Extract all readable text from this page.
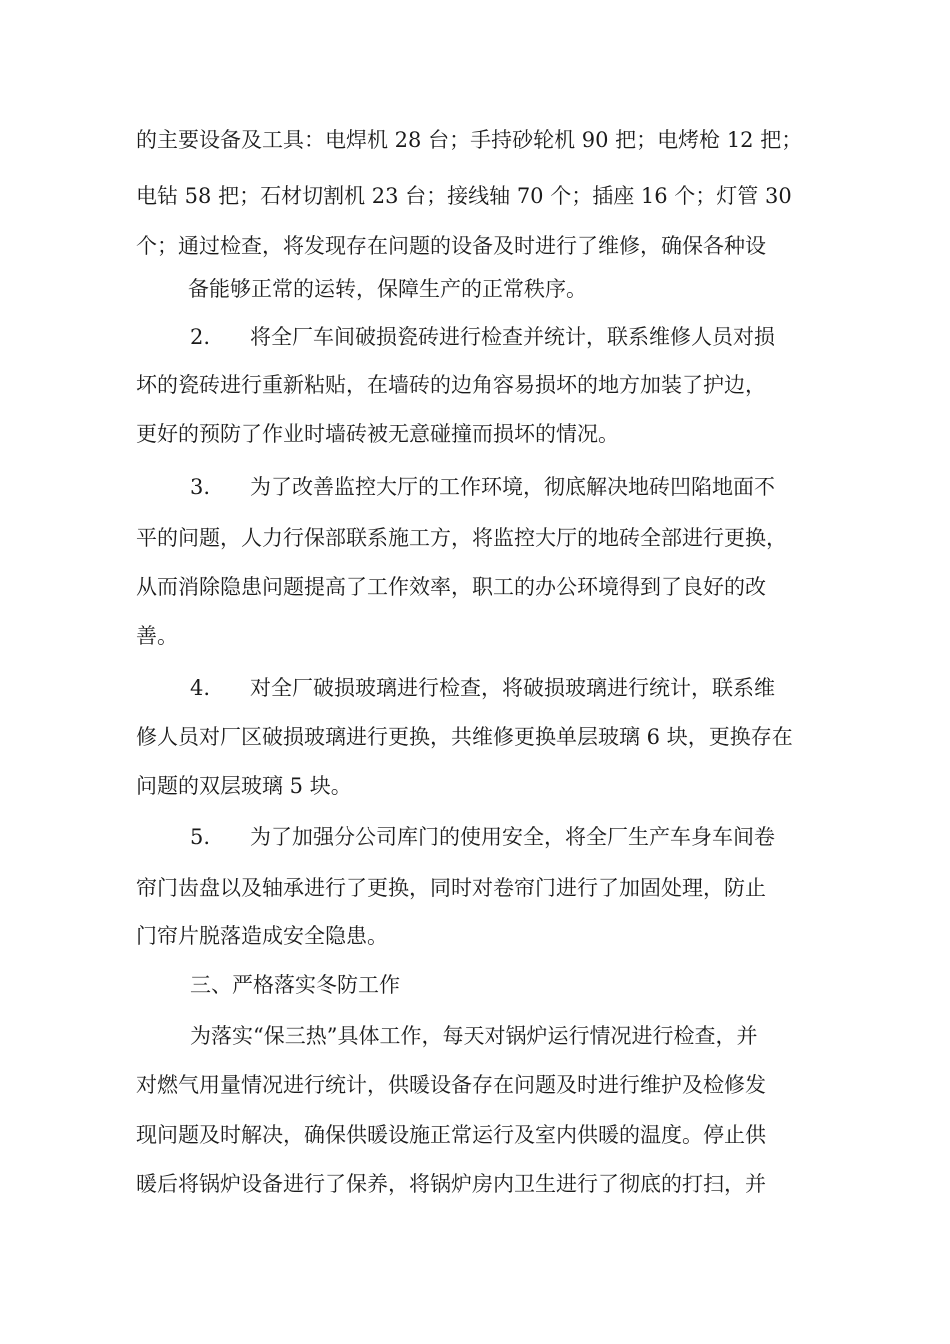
的主要设备及工具：电焊机 28 台；手持砂轮机 90 把；电烤枪 12 把；
电钻 58 把；石材切割机 23 台；接线轴 70 个；插座 16 个；灯管 30
个；通过检查，将发现存在问题的设备及时进行了维修，确保各种设
备能够正常的运转，保障生产的正常秩序。
2. 将全厂车间破损瓷砖进行检查并统计，联系维修人员对损
坏的瓷砖进行重新粘贴，在墙砖的边角容易损坏的地方加装了护边，
更好的预防了作业时墙砖被无意碰撞而损坏的情况。
3. 为了改善监控大厅的工作环境，彻底解决地砖凹陷地面不
平的问题，人力行保部联系施工方，将监控大厅的地砖全部进行更换，
从而消除隐患问题提高了工作效率，职工的办公环境得到了良好的改
善。
4. 对全厂破损玻璃进行检查，将破损玻璃进行统计，联系维
修人员对厂区破损玻璃进行更换，共维修更换单层玻璃 6 块，更换存在
问题的双层玻璃 5 块。
5. 为了加强分公司库门的使用安全，将全厂生产车身车间卷
帘门齿盘以及轴承进行了更换，同时对卷帘门进行了加固处理，防止
门帘片脱落造成安全隐患。
三、严格落实冬防工作
为落实“保三热”具体工作，每天对锅炉运行情况进行检查，并
对燃气用量情况进行统计，供暖设备存在问题及时进行维护及检修发
现问题及时解决，确保供暖设施正常运行及室内供暖的温度。停止供
暖后将锅炉设备进行了保养，将锅炉房内卫生进行了彻底的打扫，并
